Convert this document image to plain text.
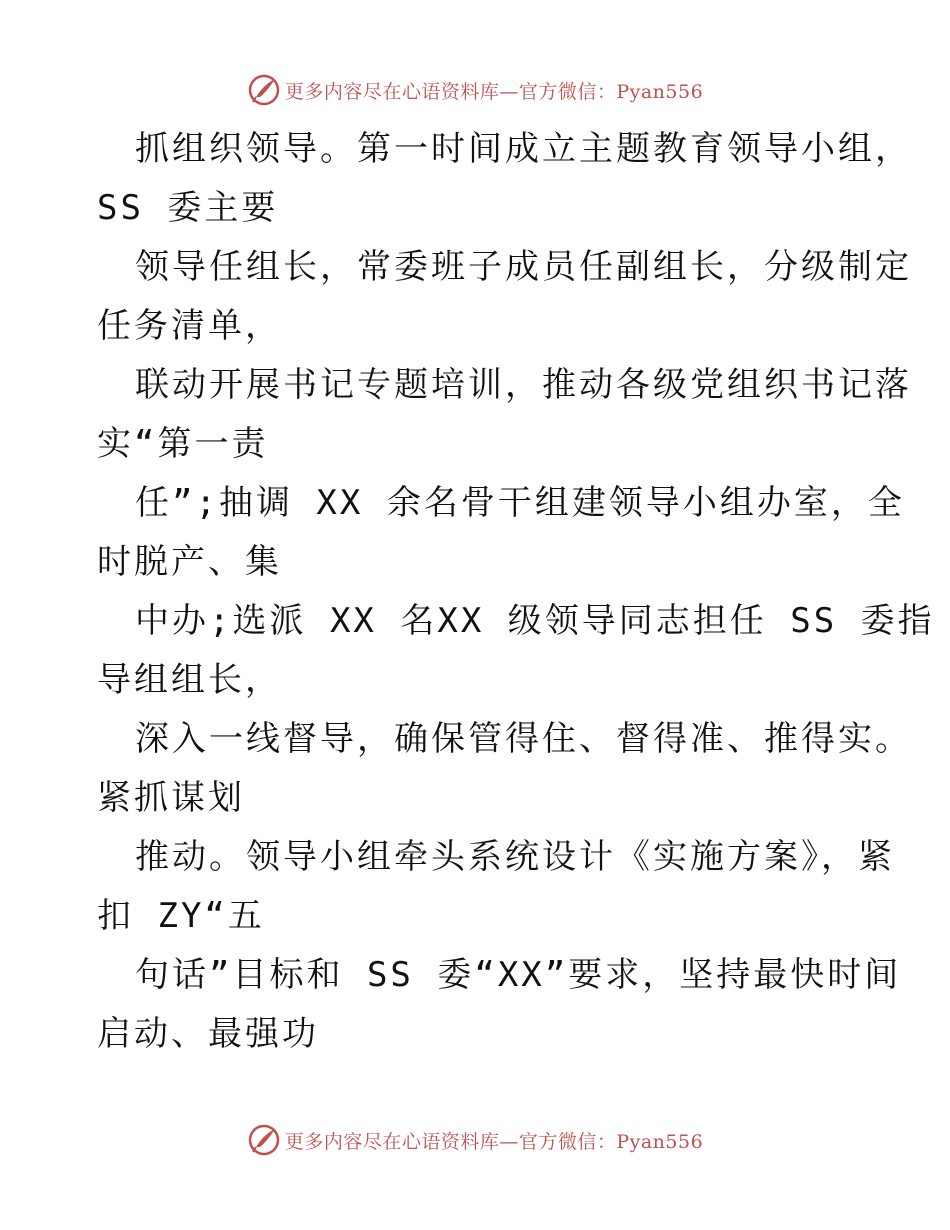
更多内容尽在心语资料库—官方微信：Pyan556
抓组织领导。第一时间成立主题教育领导小组，
SS 委主要
领导任组长，常委班子成员任副组长，分级制定
任务清单，
联动开展书记专题培训，推动各级党组织书记落
实“第一责
任”;抽调 XX 余名骨干组建领导小组办室，全
时脱产、集
中办;选派 XX 名XX 级领导同志担任 SS 委指
导组组长，
深入一线督导，确保管得住、督得准、推得实。
紧抓谋划
推动。领导小组牵头系统设计《实施方案》，紧
扣 ZY“五
句话”目标和 SS 委“XX”要求，坚持最快时间
启动、最强功
更多内容尽在心语资料库—官方微信：Pyan556
